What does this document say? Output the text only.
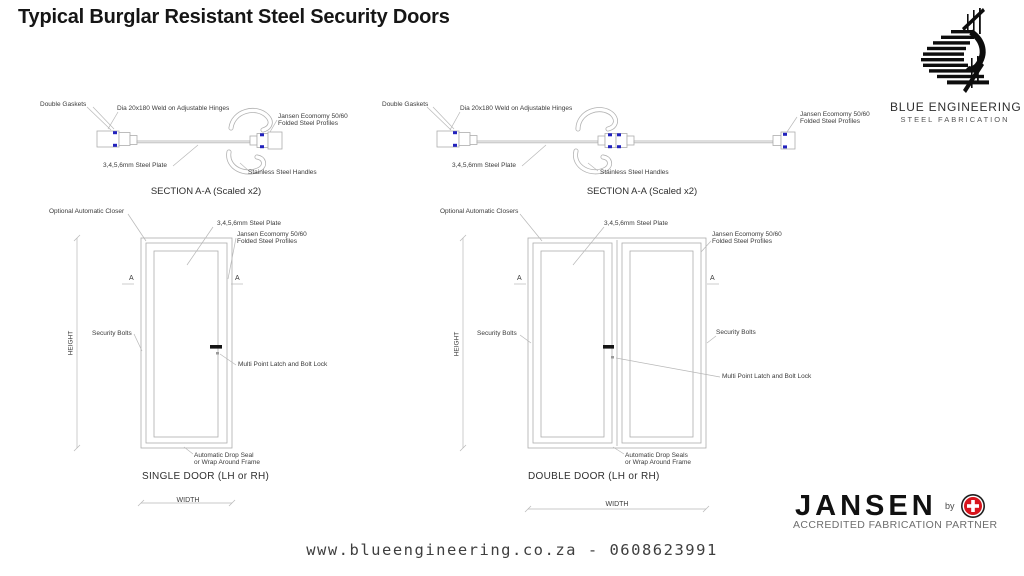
Typical Burglar Resistant Steel Security Doors
BLUE ENGINEERING
STEEL FABRICATION
Double Gaskets
Dia 20x180 Weld on Adjustable Hinges
Jansen Ecomomy 50/60
Folded Steel Profiles
3,4,5,6mm Steel Plate
Stainless Steel Handles
SECTION A-A (Scaled x2)
Double Gaskets
Dia 20x180 Weld on Adjustable Hinges
Jansen Ecomomy 50/60
Folded Steel Profiles
3,4,5,6mm Steel Plate
Stainless Steel Handles
SECTION A-A (Scaled x2)
Optional Automatic Closer
3,4,5,6mm Steel Plate
Jansen Ecomomy 50/60
Folded Steel Profiles
A	A
Security Bolts
HEIGHT
Multi Point Latch and Bolt Lock
Automatic Drop Seal
or Wrap Around Frame
SINGLE DOOR (LH or RH)
WIDTH
Optional Automatic Closers
3,4,5,6mm Steel Plate
Jansen Ecomomy 50/60
Folded Steel Profiles
A	A
Security Bolts	Security Bolts
HEIGHT
Multi Point Latch and Bolt Lock
Automatic Drop Seals
or Wrap Around Frame
DOUBLE DOOR (LH or RH)
WIDTH	JANSEN by
ACCREDITED FABRICATION PARTNER
www.blueengineering.co.za - 0608623991
